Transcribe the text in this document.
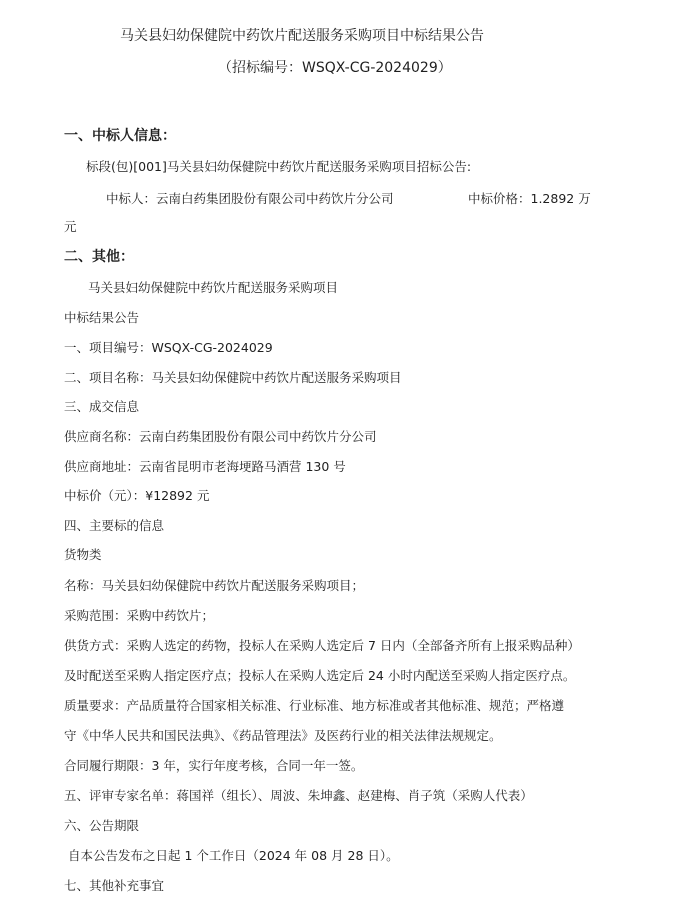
马关县妇幼保健院中药饮片配送服务采购项目中标结果公告
（招标编号：WSQX-CG-2024029）
一、中标人信息：
标段(包)[001]马关县妇幼保健院中药饮片配送服务采购项目招标公告:
中标人：云南白药集团股份有限公司中药饮片分公司	中标价格：1.2892 万
元
二、其他：
马关县妇幼保健院中药饮片配送服务采购项目
中标结果公告
一、项目编号：WSQX-CG-2024029
二、项目名称：马关县妇幼保健院中药饮片配送服务采购项目
三、成交信息
供应商名称：云南白药集团股份有限公司中药饮片分公司
供应商地址：云南省昆明市老海埂路马酒营 130 号
中标价（元）：¥12892 元
四、主要标的信息
货物类
名称：马关县妇幼保健院中药饮片配送服务采购项目；
采购范围：采购中药饮片；
供货方式：采购人选定的药物，投标人在采购人选定后 7 日内（全部备齐所有上报采购品种）
及时配送至采购人指定医疗点；投标人在采购人选定后 24 小时内配送至采购人指定医疗点。
质量要求：产品质量符合国家相关标准、行业标准、地方标准或者其他标准、规范；严格遵
守《中华人民共和国民法典》、《药品管理法》及医药行业的相关法律法规规定。
合同履行期限：3 年，实行年度考核，合同一年一签。
五、评审专家名单：蒋国祥（组长）、周波、朱坤鑫、赵建梅、肖子筑（采购人代表）
六、公告期限
自本公告发布之日起 1 个工作日（2024 年 08 月 28 日）。
七、其他补充事宜
